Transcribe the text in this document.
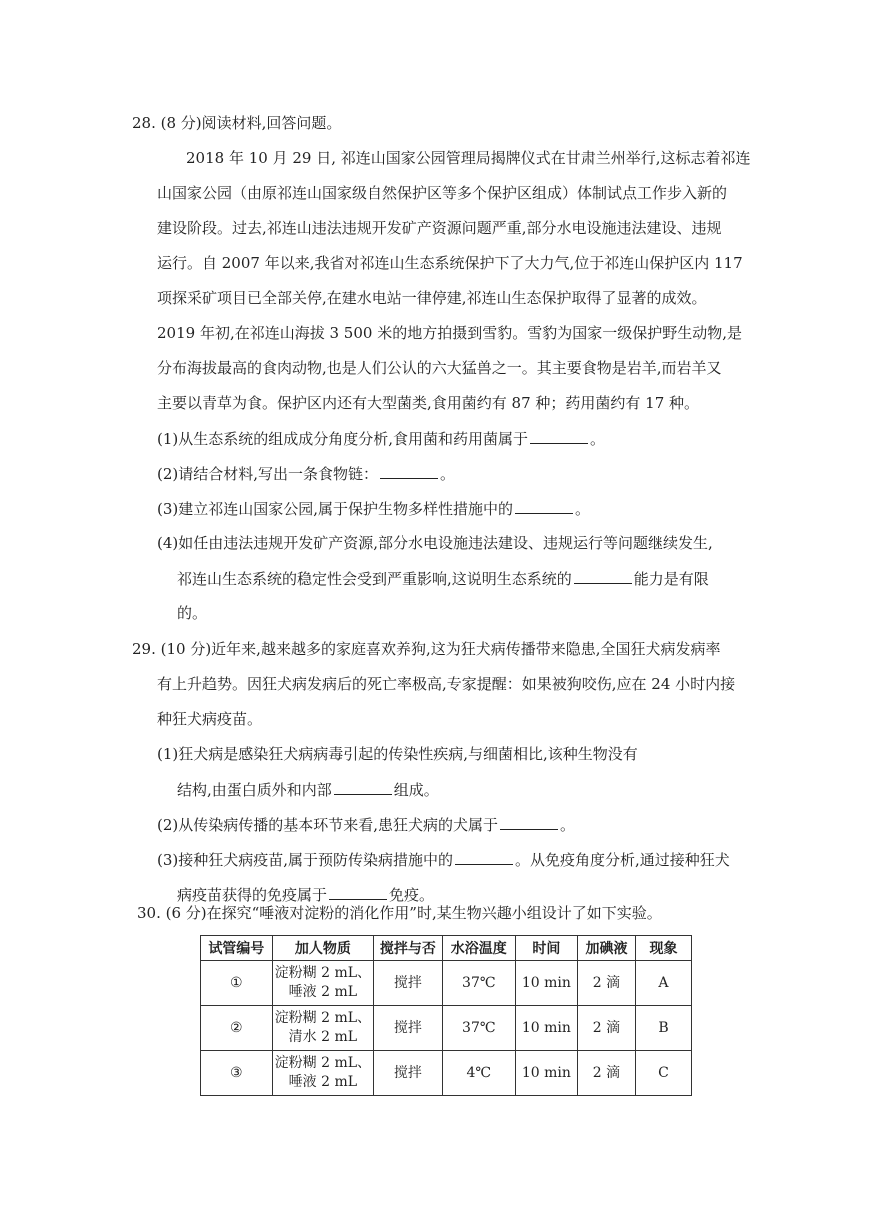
28. (8 分)阅读材料,回答问题。
2018 年 10 月 29 日, 祁连山国家公园管理局揭牌仪式在甘肃兰州举行,这标志着祁连
山国家公园（由原祁连山国家级自然保护区等多个保护区组成）体制试点工作步入新的
建设阶段。过去,祁连山违法违规开发矿产资源问题严重,部分水电设施违法建设、违规
运行。自 2007 年以来,我省对祁连山生态系统保护下了大力气,位于祁连山保护区内 117
项探采矿项目已全部关停,在建水电站一律停建,祁连山生态保护取得了显著的成效。
2019 年初,在祁连山海拔 3 500 米的地方拍摄到雪豹。雪豹为国家一级保护野生动物,是
分布海拔最高的食肉动物,也是人们公认的六大猛兽之一。其主要食物是岩羊,而岩羊又
主要以青草为食。保护区内还有大型菌类,食用菌约有 87 种；药用菌约有 17 种。
(1)从生态系统的组成成分角度分析,食用菌和药用菌属于	。
(2)请结合材料,写出一条食物链：	。
(3)建立祁连山国家公园,属于保护生物多样性措施中的	。
(4)如任由违法违规开发矿产资源,部分水电设施违法建设、违规运行等问题继续发生,
祁连山生态系统的稳定性会受到严重影响,这说明生态系统的	能力是有限
的。
29. (10 分)近年来,越来越多的家庭喜欢养狗,这为狂犬病传播带来隐患,全国狂犬病发病率
有上升趋势。因狂犬病发病后的死亡率极高,专家提醒：如果被狗咬伤,应在 24 小时内接
种狂犬病疫苗。
(1)狂犬病是感染狂犬病病毒引起的传染性疾病,与细菌相比,该种生物没有
结构,由蛋白质外和内部	组成。
(2)从传染病传播的基本环节来看,患狂犬病的犬属于	。
(3)接种狂犬病疫苗,属于预防传染病措施中的	。从免疫角度分析,通过接种狂犬
病疫苗获得的免疫属于	免疫。
30. (6 分)在探究“唾液对淀粉的消化作用”时,某生物兴趣小组设计了如下实验。
试管编号	加人物质	搅拌与否	水浴温度	时间	加碘液	现象
①	淀粉糊 2 mL、
唾液 2 mL	搅拌	37℃	10 min	2 滴	A
②	淀粉糊 2 mL、
清水 2 mL	搅拌	37℃	10 min	2 滴	B
③	淀粉糊 2 mL、
唾液 2 mL	搅拌	4℃	10 min	2 滴	C
